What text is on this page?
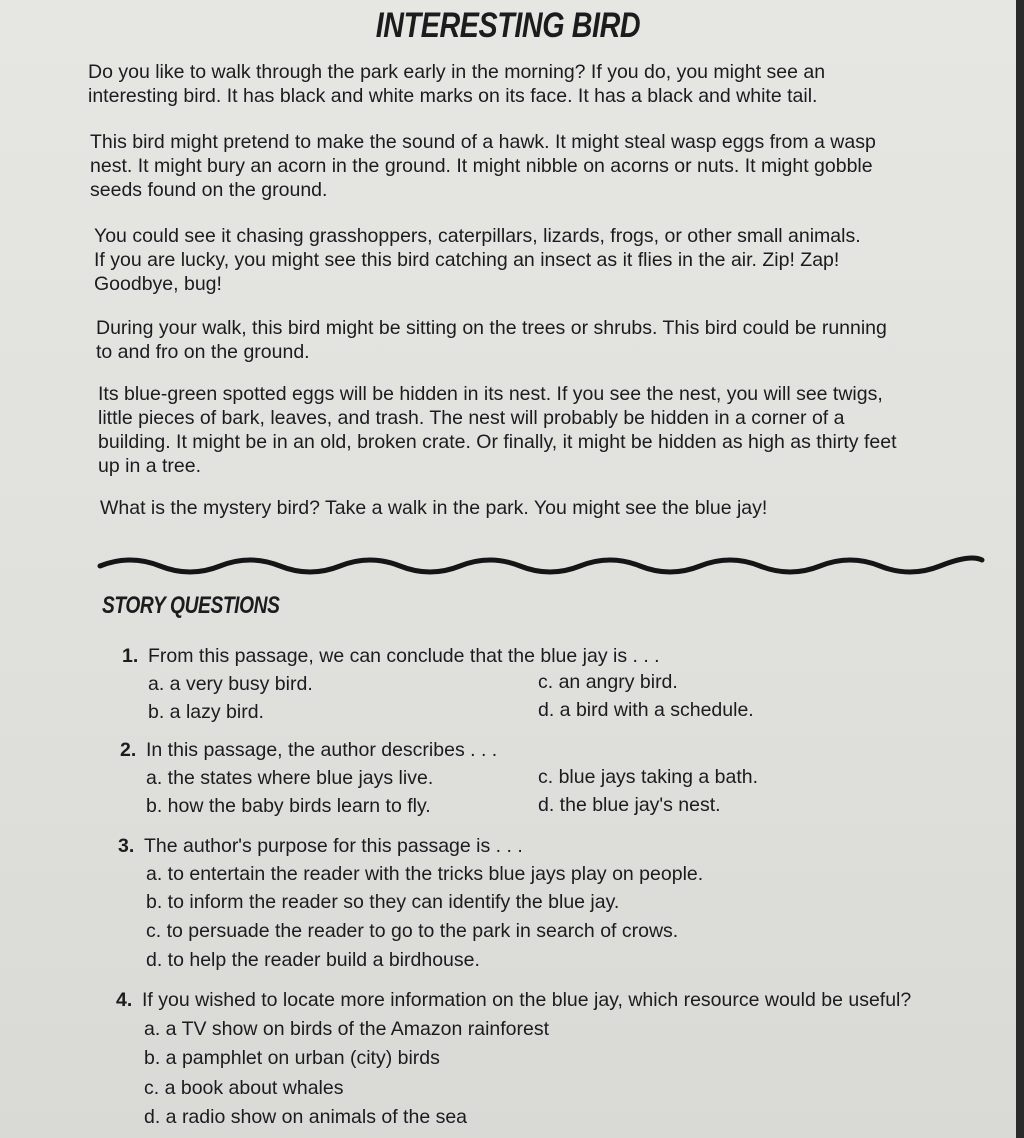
INTERESTING BIRD

Do you like to walk through the park early in the morning? If you do, you might see an
interesting bird. It has black and white marks on its face. It has a black and white tail.

This bird might pretend to make the sound of a hawk. It might steal wasp eggs from a wasp
nest. It might bury an acorn in the ground. It might nibble on acorns or nuts. It might gobble
seeds found on the ground.

You could see it chasing grasshoppers, caterpillars, lizards, frogs, or other small animals.
If you are lucky, you might see this bird catching an insect as it flies in the air. Zip! Zap!
Goodbye, bug!

During your walk, this bird might be sitting on the trees or shrubs. This bird could be running
to and fro on the ground.

Its blue-green spotted eggs will be hidden in its nest. If you see the nest, you will see twigs,
little pieces of bark, leaves, and trash. The nest will probably be hidden in a corner of a
building. It might be in an old, broken crate. Or finally, it might be hidden as high as thirty feet
up in a tree.

What is the mystery bird? Take a walk in the park. You might see the blue jay!

STORY QUESTIONS
1. From this passage, we can conclude that the blue jay is . . .
a. a very busy bird.
b. a lazy bird.
c. an angry bird.
d. a bird with a schedule.
2. In this passage, the author describes . . .
a. the states where blue jays live.
b. how the baby birds learn to fly.
c. blue jays taking a bath.
d. the blue jay's nest.
3. The author's purpose for this passage is . . .
a. to entertain the reader with the tricks blue jays play on people.
b. to inform the reader so they can identify the blue jay.
c. to persuade the reader to go to the park in search of crows.
d. to help the reader build a birdhouse.
4. If you wished to locate more information on the blue jay, which resource would be useful?
a. a TV show on birds of the Amazon rainforest
b. a pamphlet on urban (city) birds
c. a book about whales
d. a radio show on animals of the sea
